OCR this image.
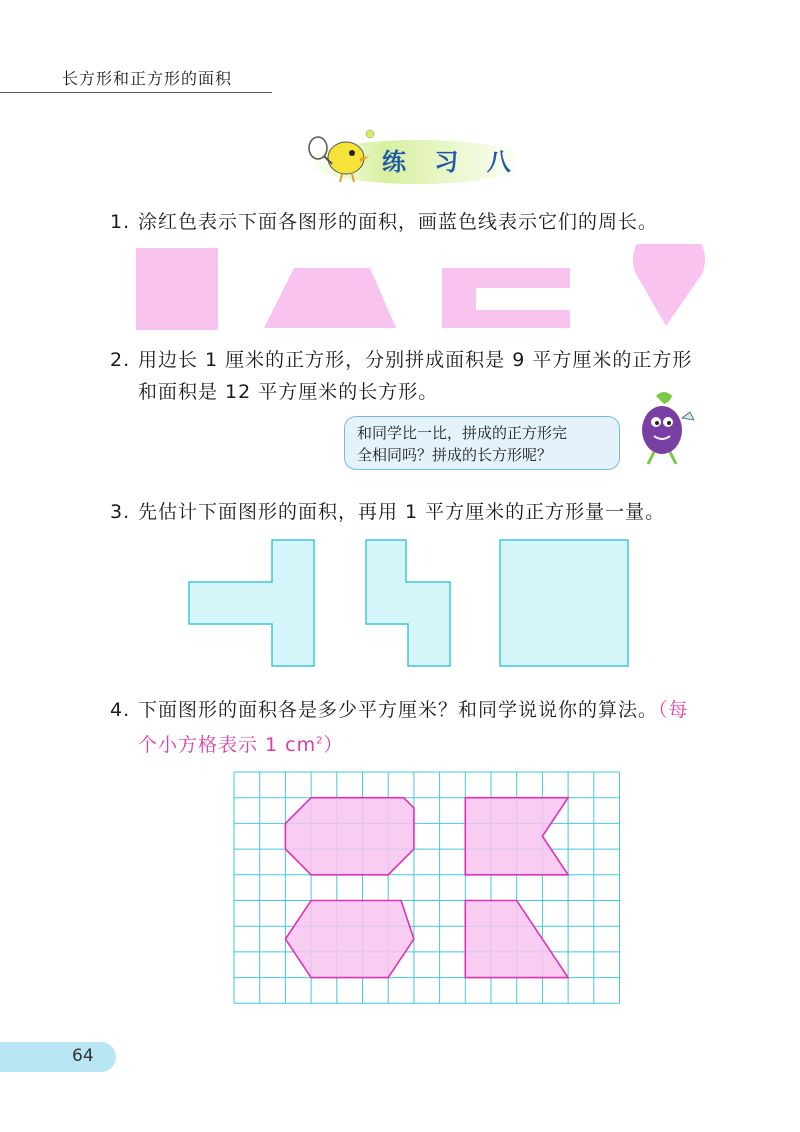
长方形和正方形的面积
练 习 八
1. 涂红色表示下面各图形的面积，画蓝色线表示它们的周长。
2. 用边长 1 厘米的正方形，分别拼成面积是 9 平方厘米的正方形和面积是 12 平方厘米的长方形。
和同学比一比，拼成的正方形完
全相同吗？拼成的长方形呢？
3. 先估计下面图形的面积，再用 1 平方厘米的正方形量一量。
4. 下面图形的面积各是多少平方厘米？和同学说说你的算法。（每个小方格表示 1 $cm^2$）
64
